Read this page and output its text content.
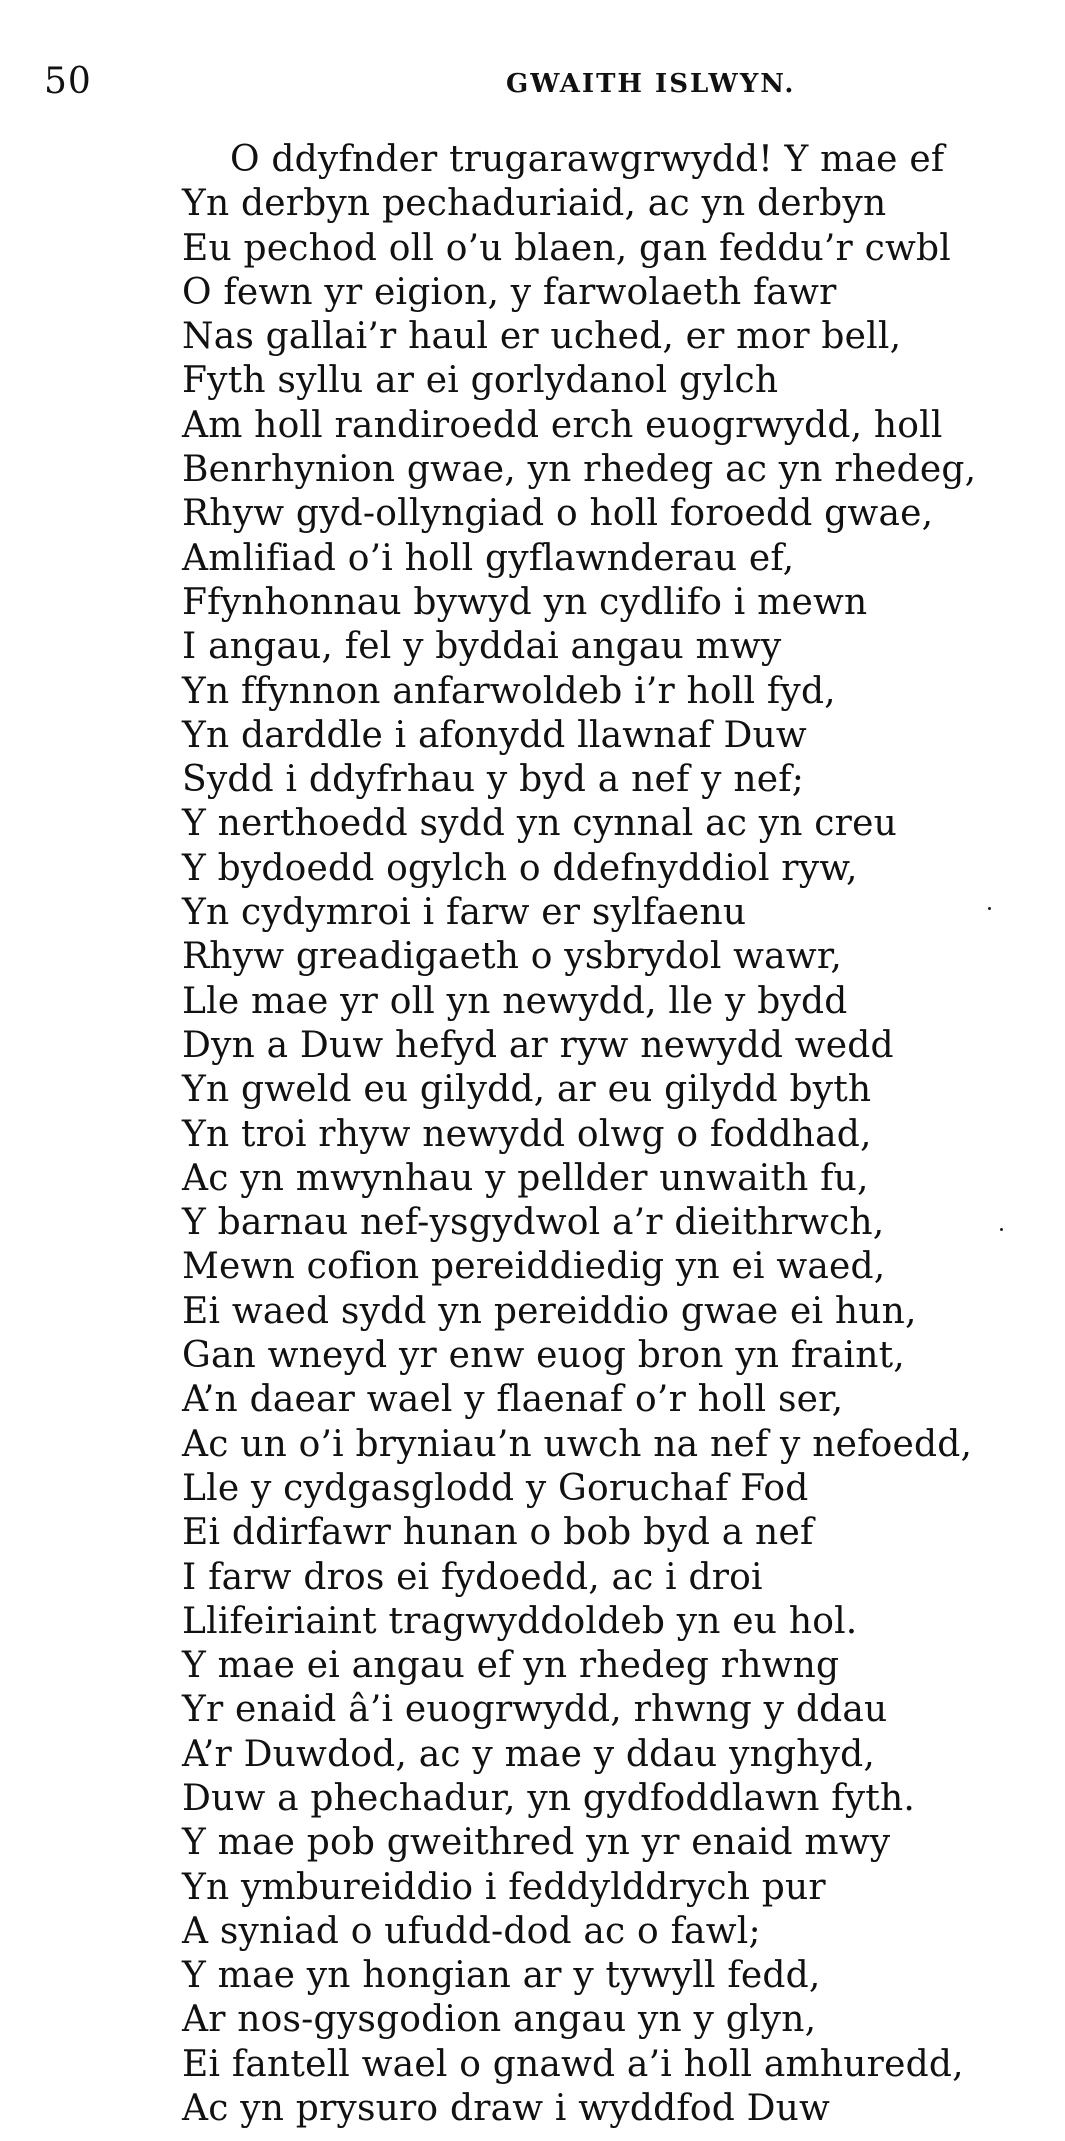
50	GWAITH ISLWYN.
O ddyfnder trugarawgrwydd! Y mae ef
Yn derbyn pechaduriaid, ac yn derbyn
Eu pechod oll o’u blaen, gan feddu’r cwbl
O fewn yr eigion, y farwolaeth fawr
Nas gallai’r haul er uched, er mor bell,
Fyth syllu ar ei gorlydanol gylch
Am holl randiroedd erch euogrwydd, holl
Benrhynion gwae, yn rhedeg ac yn rhedeg,
Rhyw gyd-ollyngiad o holl foroedd gwae,
Amlifiad o’i holl gyflawnderau ef,
Ffynhonnau bywyd yn cydlifo i mewn
I angau, fel y byddai angau mwy
Yn ffynnon anfarwoldeb i’r holl fyd,
Yn darddle i afonydd llawnaf Duw
Sydd i ddyfrhau y byd a nef y nef;
Y nerthoedd sydd yn cynnal ac yn creu
Y bydoedd ogylch o ddefnyddiol ryw,
Yn cydymroi i farw er sylfaenu
Rhyw greadigaeth o ysbrydol wawr,
Lle mae yr oll yn newydd, lle y bydd
Dyn a Duw hefyd ar ryw newydd wedd
Yn gweld eu gilydd, ar eu gilydd byth
Yn troi rhyw newydd olwg o foddhad,
Ac yn mwynhau y pellder unwaith fu,
Y barnau nef-ysgydwol a’r dieithrwch,
Mewn cofion pereiddiedig yn ei waed,
Ei waed sydd yn pereiddio gwae ei hun,
Gan wneyd yr enw euog bron yn fraint,
A’n daear wael y flaenaf o’r holl ser,
Ac un o’i bryniau’n uwch na nef y nefoedd,
Lle y cydgasglodd y Goruchaf Fod
Ei ddirfawr hunan o bob byd a nef
I farw dros ei fydoedd, ac i droi
Llifeiriaint tragwyddoldeb yn eu hol.
Y mae ei angau ef yn rhedeg rhwng
Yr enaid â’i euogrwydd, rhwng y ddau
A’r Duwdod, ac y mae y ddau ynghyd,
Duw a phechadur, yn gydfoddlawn fyth.
Y mae pob gweithred yn yr enaid mwy
Yn ymbureiddio i feddylddrych pur
A syniad o ufudd-dod ac o fawl;
Y mae yn hongian ar y tywyll fedd,
Ar nos-gysgodion angau yn y glyn,
Ei fantell wael o gnawd a’i holl amhuredd,
Ac yn prysuro draw i wyddfod Duw
